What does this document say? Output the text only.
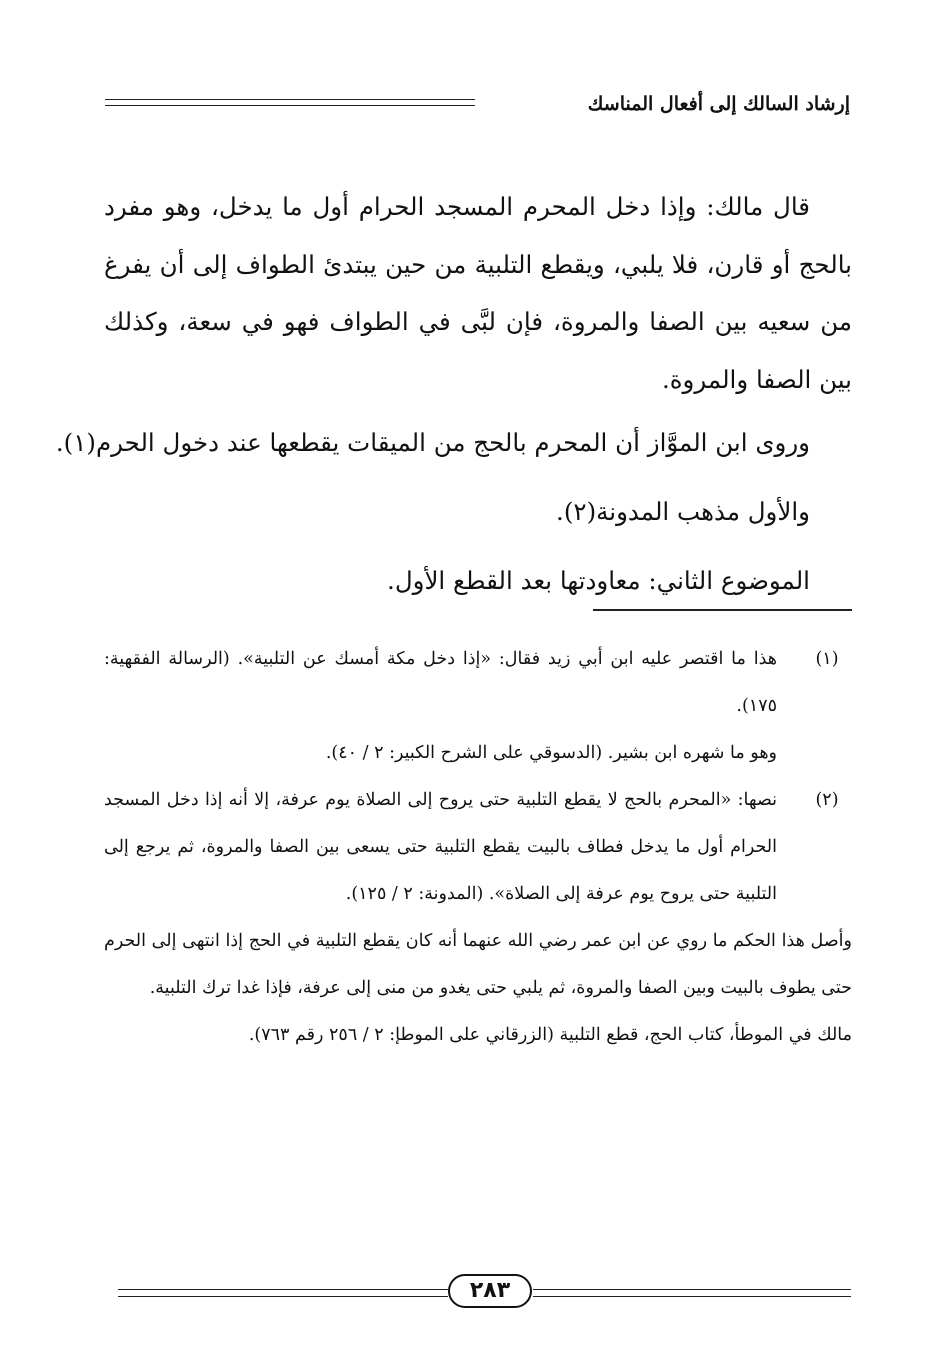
إرشاد السالك إلى أفعال المناسك

قال مالك: وإذا دخل المحرم المسجد الحرام أول ما يدخل، وهو مفرد بالحج أو قارن، فلا يلبي، ويقطع التلبية من حين يبتدئ الطواف إلى أن يفرغ من سعيه بين الصفا والمروة، فإن لبَّى في الطواف فهو في سعة، وكذلك بين الصفا والمروة.

وروى ابن الموَّاز أن المحرم بالحج من الميقات يقطعها عند دخول الحرم(١).

والأول مذهب المدونة(٢).

الموضوع الثاني: معاودتها بعد القطع الأول.

(١)

هذا ما اقتصر عليه ابن أبي زيد فقال: «إذا دخل مكة أمسك عن التلبية». (الرسالة الفقهية: ١٧٥).

وهو ما شهره ابن بشير. (الدسوقي على الشرح الكبير: ٢ / ٤٠).

(٢)

نصها: «المحرم بالحج لا يقطع التلبية حتى يروح إلى الصلاة يوم عرفة، إلا أنه إذا دخل المسجد الحرام أول ما يدخل فطاف بالبيت يقطع التلبية حتى يسعى بين الصفا والمروة، ثم يرجع إلى التلبية حتى يروح يوم عرفة إلى الصلاة». (المدونة: ٢ / ١٢٥).

وأصل هذا الحكم ما روي عن ابن عمر رضي الله عنهما أنه كان يقطع التلبية في الحج إذا انتهى إلى الحرم حتى يطوف بالبيت وبين الصفا والمروة، ثم يلبي حتى يغدو من منى إلى عرفة، فإذا غدا ترك التلبية.

مالك في الموطأ، كتاب الحج، قطع التلبية (الزرقاني على الموطإ: ٢ / ٢٥٦ رقم ٧٦٣).

٢٨٣
